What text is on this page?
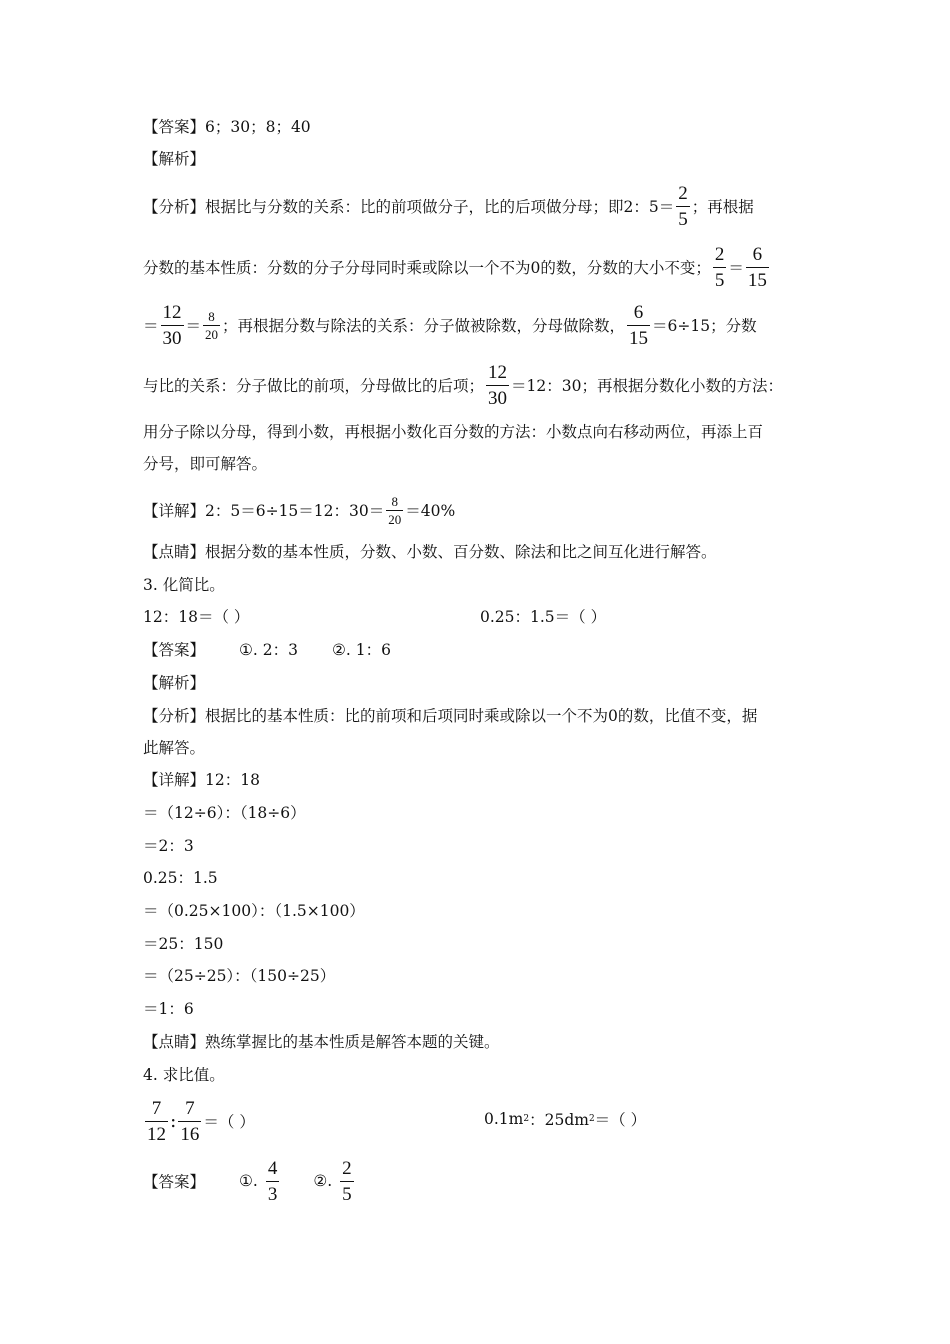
【答案】6；30；8；40
【解析】
【分析】根据比与分数的关系：比的前项做分子，比的后项做分母；即2：$5= \frac{2}{5}$ ；再根据
分数的基本性质：分数的分子分母同时乘或除以一个不为0的数，分数的大小不变； $\frac{2}{5} = \frac{6}{15}$
＝ $\frac{12}{30} = \frac{8}{20}$ ；再根据分数与除法的关系：分子做被除数，分母做除数， $\frac{6}{15} =6\div 15$；分数
与比的关系：分子做比的前项，分母做比的后项； $\frac{12}{30} =12$：30；再根据分数化小数的方法：
用分子除以分母，得到小数，再根据小数化百分数的方法：小数点向右移动两位，再添上百
分号，即可解答。
【详解】2：5＝6÷15＝12：$30= \frac{8}{20} =40\%$
【点睛】根据分数的基本性质，分数、小数、百分数、除法和比之间互化进行解答。
3. 化简比。
12：18＝（ ）	0.25：1.5＝（ ）
【答案】 ①. 2：3 ②. 1：6
【解析】
【分析】根据比的基本性质：比的前项和后项同时乘或除以一个不为0的数，比值不变，据
此解答。
【详解】12：18
＝（12÷6）：（18÷6）
＝2：3
0.25：1.5
＝（0.25×100）：（1.5×100）
＝25：150
＝（25÷25）：（150÷25）
＝1：6
【点睛】熟练掌握比的基本性质是解答本题的关键。
4. 求比值。
$\frac{7}{12}$ : $\frac{7}{16}$ ＝（ ）	0.1m 2 ：25dm 2 ＝（ ）
【答案】 ①. $\frac{4}{3}$ ②. $\frac{2}{5}$
